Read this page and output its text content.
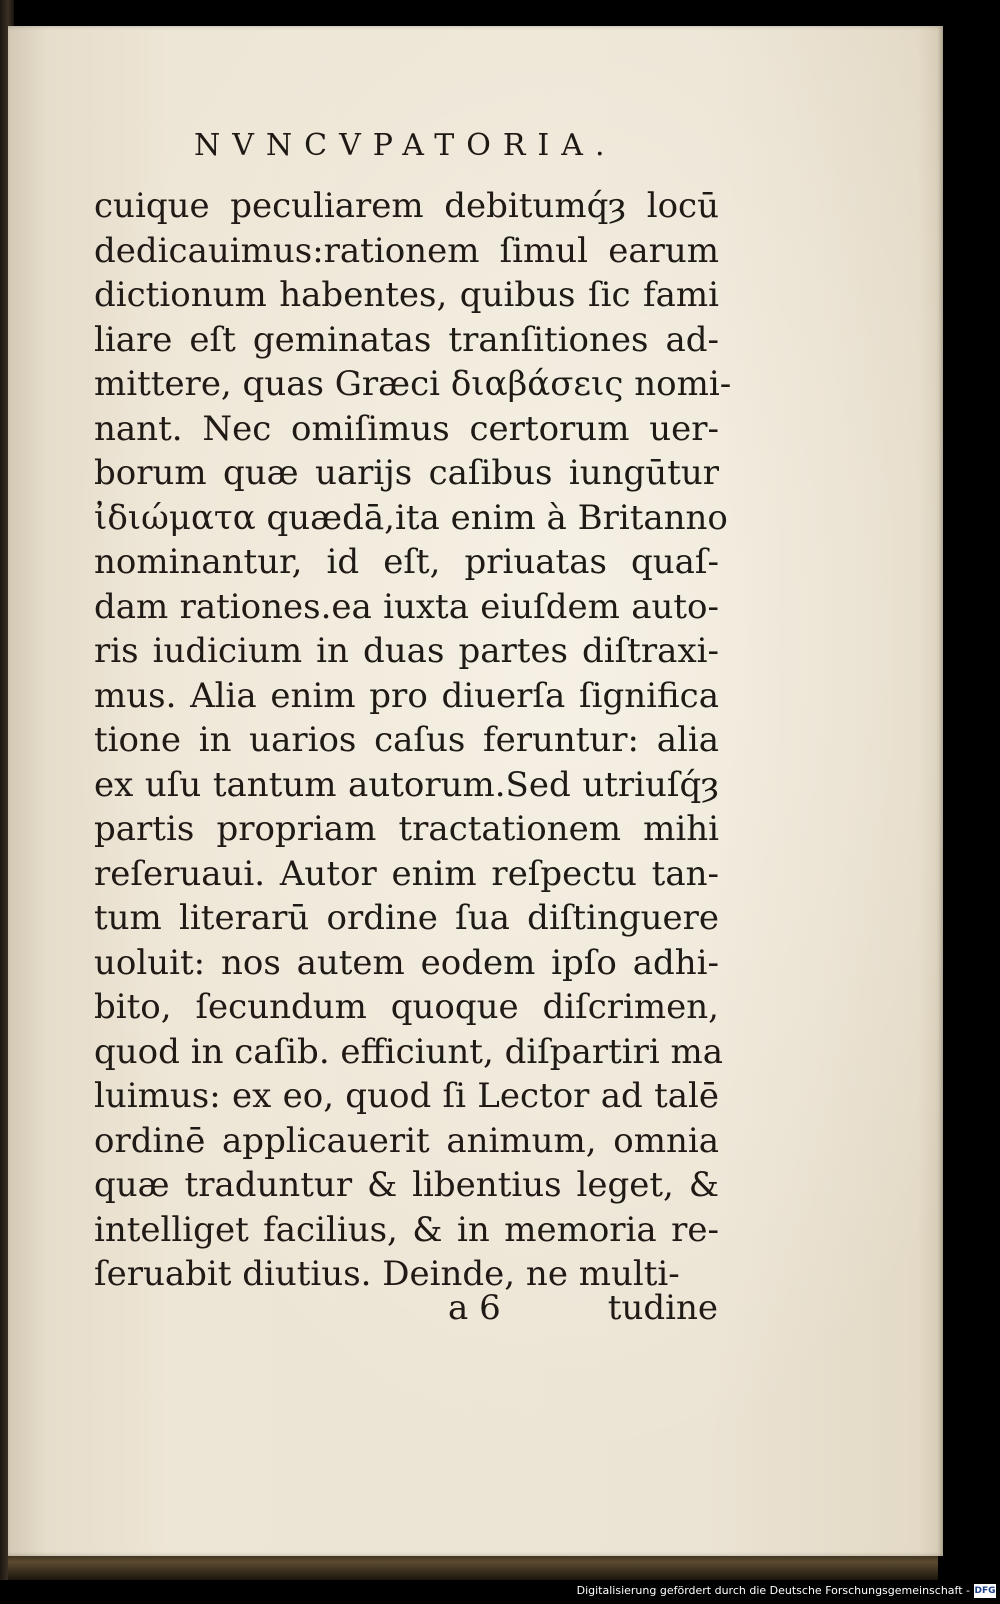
NVNCVPATORIA.
cuique peculiarem debitumq́ȝ locū
dedicauimus:rationem ſimul earum
dictionum habentes, quibus ſic fami
liare eſt geminatas tranſitiones ad-
mittere, quas Græci διαβάσεις nomi-
nant. Nec omiſimus certorum uer-
borum quæ uarijs caſibus iungūtur
ἰδιώματα quædā,ita enim à Britanno
nominantur, id eſt, priuatas quaſ-
dam rationes.ea iuxta eiuſdem auto-
ris iudicium in duas partes diſtraxi-
mus. Alia enim pro diuerſa ſignifica
tione in uarios caſus feruntur: alia
ex uſu tantum autorum.Sed utriuſq́ȝ
partis propriam tractationem mihi
reſeruaui. Autor enim reſpectu tan-
tum literarū ordine ſua diſtinguere
uoluit: nos autem eodem ipſo adhi-
bito, ſecundum quoque diſcrimen,
quod in caſib. efficiunt, diſpartiri ma
luimus: ex eo, quod ſi Lector ad talē
ordinē applicauerit animum, omnia
quæ traduntur & libentius leget, &
intelliget facilius, & in memoria re-
ſeruabit diutius. Deinde, ne multi-
a 6	tudine
Digitalisierung gefördert durch die Deutsche Forschungsgemeinschaft - DFG
